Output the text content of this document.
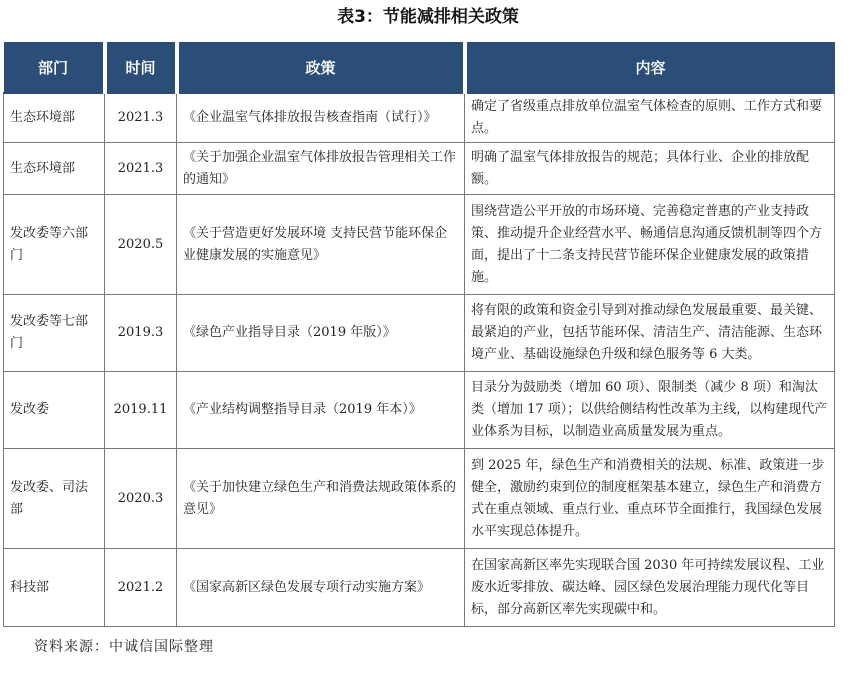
表3：节能减排相关政策
部门	时间	政策	内容
生态环境部	2021.3	《企业温室气体排放报告核查指南（试行）》	确定了省级重点排放单位温室气体检查的原则、工作方式和要点。
生态环境部	2021.3	《关于加强企业温室气体排放报告管理相关工作的通知》	明确了温室气体排放报告的规范；具体行业、企业的排放配额。
发改委等六部门	2020.5	《关于营造更好发展环境 支持民营节能环保企业健康发展的实施意见》	围绕营造公平开放的市场环境、完善稳定普惠的产业支持政策、推动提升企业经营水平、畅通信息沟通反馈机制等四个方面，提出了十二条支持民营节能环保企业健康发展的政策措施。
发改委等七部门	2019.3	《绿色产业指导目录（2019 年版）》	将有限的政策和资金引导到对推动绿色发展最重要、最关键、最紧迫的产业，包括节能环保、清洁生产、清洁能源、生态环境产业、基础设施绿色升级和绿色服务等 6 大类。
发改委	2019.11	《产业结构调整指导目录（2019 年本）》	目录分为鼓励类（增加 60 项）、限制类（减少 8 项）和淘汰类（增加 17 项）；以供给侧结构性改革为主线，以构建现代产业体系为目标，以制造业高质量发展为重点。
发改委、司法部	2020.3	《关于加快建立绿色生产和消费法规政策体系的意见》	到 2025 年，绿色生产和消费相关的法规、标准、政策进一步健全，激励约束到位的制度框架基本建立，绿色生产和消费方式在重点领域、重点行业、重点环节全面推行，我国绿色发展水平实现总体提升。
科技部	2021.2	《国家高新区绿色发展专项行动实施方案》	在国家高新区率先实现联合国 2030 年可持续发展议程、工业废水近零排放、碳达峰、园区绿色发展治理能力现代化等目标，部分高新区率先实现碳中和。
资料来源：中诚信国际整理
